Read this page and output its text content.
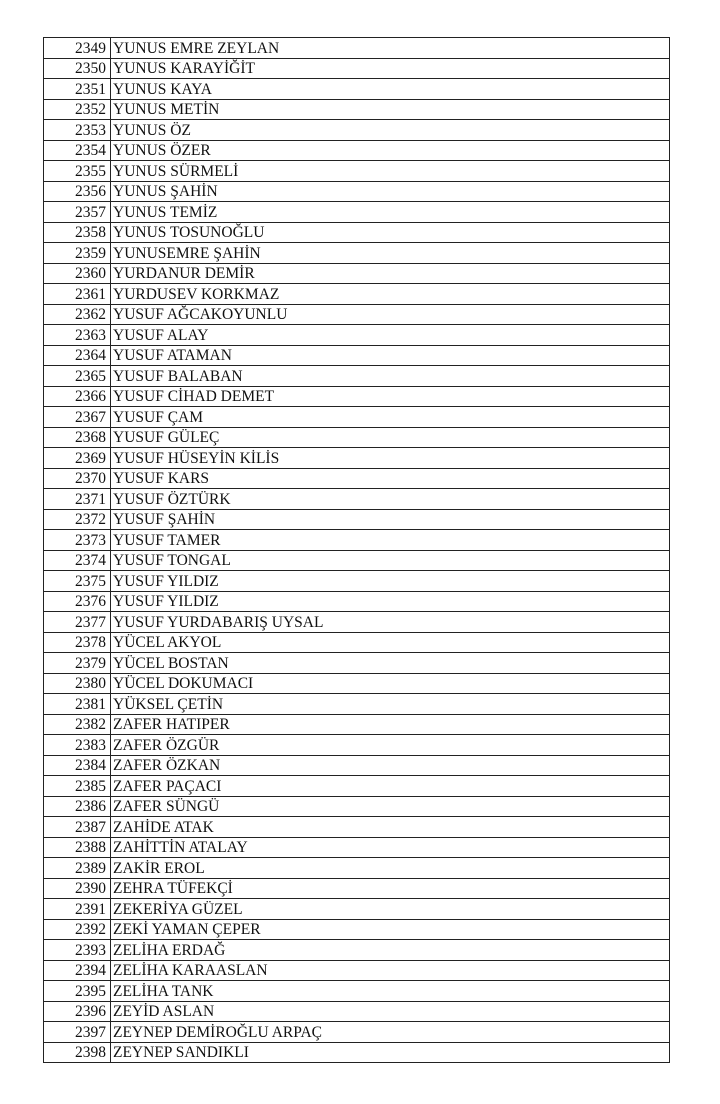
2349	YUNUS EMRE ZEYLAN
2350	YUNUS KARAYİĞİT
2351	YUNUS KAYA
2352	YUNUS METİN
2353	YUNUS ÖZ
2354	YUNUS ÖZER
2355	YUNUS SÜRMELİ
2356	YUNUS ŞAHİN
2357	YUNUS TEMİZ
2358	YUNUS TOSUNOĞLU
2359	YUNUSEMRE ŞAHİN
2360	YURDANUR DEMİR
2361	YURDUSEV KORKMAZ
2362	YUSUF AĞCAKOYUNLU
2363	YUSUF ALAY
2364	YUSUF ATAMAN
2365	YUSUF BALABAN
2366	YUSUF CİHAD DEMET
2367	YUSUF ÇAM
2368	YUSUF GÜLEÇ
2369	YUSUF HÜSEYİN KİLİS
2370	YUSUF KARS
2371	YUSUF ÖZTÜRK
2372	YUSUF ŞAHİN
2373	YUSUF TAMER
2374	YUSUF TONGAL
2375	YUSUF YILDIZ
2376	YUSUF YILDIZ
2377	YUSUF YURDABARIŞ UYSAL
2378	YÜCEL AKYOL
2379	YÜCEL BOSTAN
2380	YÜCEL DOKUMACI
2381	YÜKSEL ÇETİN
2382	ZAFER HATIPER
2383	ZAFER ÖZGÜR
2384	ZAFER ÖZKAN
2385	ZAFER PAÇACI
2386	ZAFER SÜNGÜ
2387	ZAHİDE ATAK
2388	ZAHİTTİN ATALAY
2389	ZAKİR EROL
2390	ZEHRA TÜFEKÇİ
2391	ZEKERİYA GÜZEL
2392	ZEKİ YAMAN ÇEPER
2393	ZELİHA ERDAĞ
2394	ZELİHA KARAASLAN
2395	ZELİHA TANK
2396	ZEYİD ASLAN
2397	ZEYNEP DEMİROĞLU ARPAÇ
2398	ZEYNEP SANDIKLI
